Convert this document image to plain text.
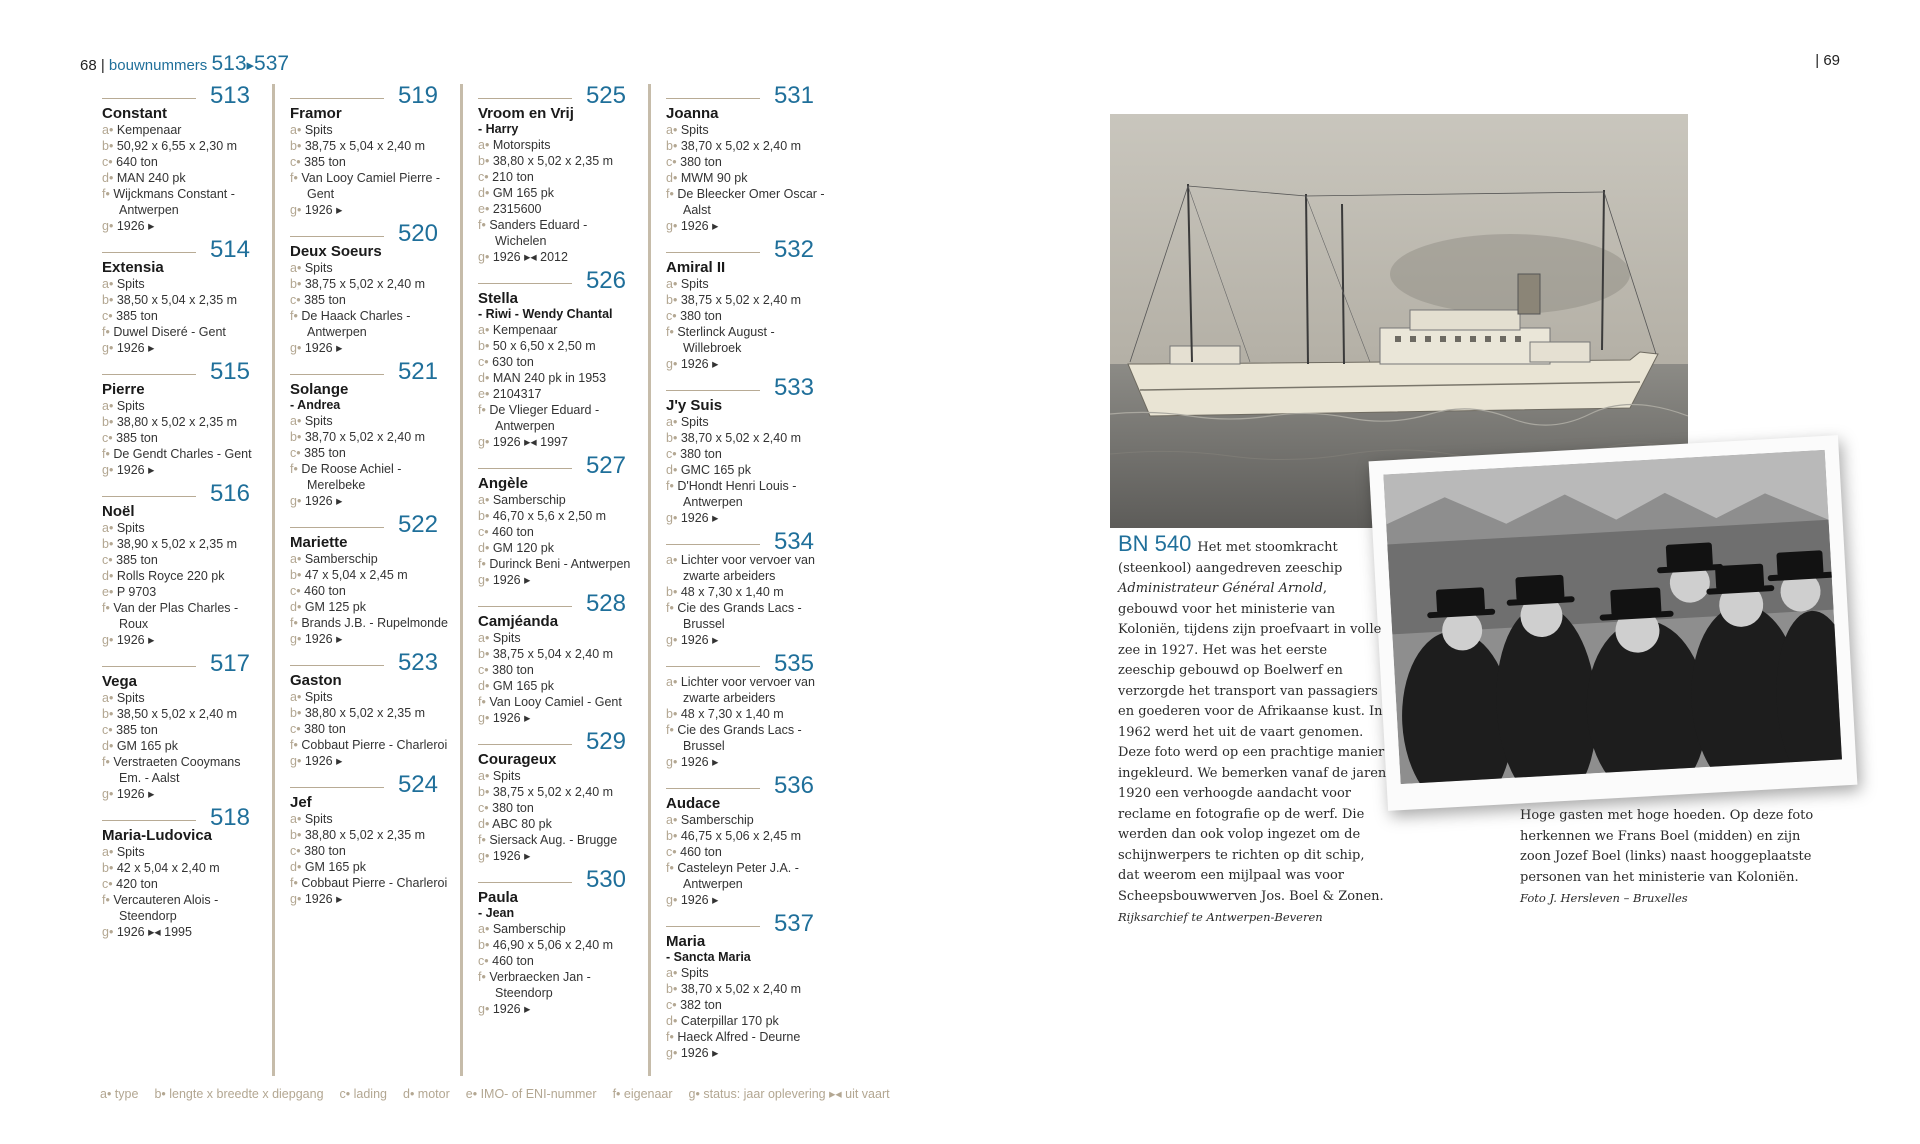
68 | bouwnummers 513▸537	| 69
513
Constant
a• Kempenaar
b• 50,92 x 6,55 x 2,30 m
c• 640 ton
d• MAN 240 pk
f• Wijckmans Constant -
Antwerpen
g• 1926 ▸
514
Extensia
a• Spits
b• 38,50 x 5,04 x 2,35 m
c• 385 ton
f• Duwel Diseré - Gent
g• 1926 ▸
515
Pierre
a• Spits
b• 38,80 x 5,02 x 2,35 m
c• 385 ton
f• De Gendt Charles - Gent
g• 1926 ▸
516
Noël
a• Spits
b• 38,90 x 5,02 x 2,35 m
c• 385 ton
d• Rolls Royce 220 pk
e• P 9703
f• Van der Plas Charles -
Roux
g• 1926 ▸
517
Vega
a• Spits
b• 38,50 x 5,02 x 2,40 m
c• 385 ton
d• GM 165 pk
f• Verstraeten Cooymans
Em. - Aalst
g• 1926 ▸
518
Maria-Ludovica
a• Spits
b• 42 x 5,04 x 2,40 m
c• 420 ton
f• Vercauteren Alois -
Steendorp
g• 1926 ▸◂ 1995
519
Framor
a• Spits
b• 38,75 x 5,04 x 2,40 m
c• 385 ton
f• Van Looy Camiel Pierre -
Gent
g• 1926 ▸
520
Deux Soeurs
a• Spits
b• 38,75 x 5,02 x 2,40 m
c• 385 ton
f• De Haack Charles -
Antwerpen
g• 1926 ▸
521
Solange
- Andrea
a• Spits
b• 38,70 x 5,02 x 2,40 m
c• 385 ton
f• De Roose Achiel -
Merelbeke
g• 1926 ▸
522
Mariette
a• Samberschip
b• 47 x 5,04 x 2,45 m
c• 460 ton
d• GM 125 pk
f• Brands J.B. - Rupelmonde
g• 1926 ▸
523
Gaston
a• Spits
b• 38,80 x 5,02 x 2,35 m
c• 380 ton
f• Cobbaut Pierre - Charleroi
g• 1926 ▸
524
Jef
a• Spits
b• 38,80 x 5,02 x 2,35 m
c• 380 ton
d• GM 165 pk
f• Cobbaut Pierre - Charleroi
g• 1926 ▸
525
Vroom en Vrij
- Harry
a• Motorspits
b• 38,80 x 5,02 x 2,35 m
c• 210 ton
d• GM 165 pk
e• 2315600
f• Sanders Eduard -
Wichelen
g• 1926 ▸◂ 2012
526
Stella
- Riwi - Wendy Chantal
a• Kempenaar
b• 50 x 6,50 x 2,50 m
c• 630 ton
d• MAN 240 pk in 1953
e• 2104317
f• De Vlieger Eduard -
Antwerpen
g• 1926 ▸◂ 1997
527
Angèle
a• Samberschip
b• 46,70 x 5,6 x 2,50 m
c• 460 ton
d• GM 120 pk
f• Durinck Beni - Antwerpen
g• 1926 ▸
528
Camjéanda
a• Spits
b• 38,75 x 5,04 x 2,40 m
c• 380 ton
d• GM 165 pk
f• Van Looy Camiel - Gent
g• 1926 ▸
529
Courageux
a• Spits
b• 38,75 x 5,02 x 2,40 m
c• 380 ton
d• ABC 80 pk
f• Siersack Aug. - Brugge
g• 1926 ▸
530
Paula
- Jean
a• Samberschip
b• 46,90 x 5,06 x 2,40 m
c• 460 ton
f• Verbraecken Jan -
Steendorp
g• 1926 ▸
531
Joanna
a• Spits
b• 38,70 x 5,02 x 2,40 m
c• 380 ton
d• MWM 90 pk
f• De Bleecker Omer Oscar -
Aalst
g• 1926 ▸
532
Amiral II
a• Spits
b• 38,75 x 5,02 x 2,40 m
c• 380 ton
f• Sterlinck August -
Willebroek
g• 1926 ▸
533
J'y Suis
a• Spits
b• 38,70 x 5,02 x 2,40 m
c• 380 ton
d• GMC 165 pk
f• D'Hondt Henri Louis -
Antwerpen
g• 1926 ▸
534
a• Lichter voor vervoer van
zwarte arbeiders
b• 48 x 7,30 x 1,40 m
f• Cie des Grands Lacs -
Brussel
g• 1926 ▸
535
a• Lichter voor vervoer van
zwarte arbeiders
b• 48 x 7,30 x 1,40 m
f• Cie des Grands Lacs -
Brussel
g• 1926 ▸
536
Audace
a• Samberschip
b• 46,75 x 5,06 x 2,45 m
c• 460 ton
f• Casteleyn Peter J.A. -
Antwerpen
g• 1926 ▸
537
Maria
- Sancta Maria
a• Spits
b• 38,70 x 5,02 x 2,40 m
c• 382 ton
d• Caterpillar 170 pk
f• Haeck Alfred - Deurne
g• 1926 ▸
a• type b• lengte x breedte x diepgang c• lading d• motor e• IMO- of ENI-nummer f• eigenaar g• status: jaar oplevering ▸◂ uit vaart
BN 540 Het met stoomkracht (steenkool) aangedreven zeeschip Administrateur Général Arnold, gebouwd voor het ministerie van Koloniën, tijdens zijn proefvaart in volle zee in 1927. Het was het eerste zeeschip gebouwd op Boelwerf en verzorgde het transport van passagiers en goederen voor de Afrikaanse kust. In 1962 werd het uit de vaart genomen. Deze foto werd op een prachtige manier ingekleurd. We bemerken vanaf de jaren 1920 een verhoogde aandacht voor reclame en fotografie op de werf. Die werden dan ook volop ingezet om de schijnwerpers te richten op dit schip, dat weerom een mijlpaal was voor Scheepsbouwwerven Jos. Boel & Zonen.
Rijksarchief te Antwerpen-Beveren
Hoge gasten met hoge hoeden. Op deze foto herkennen we Frans Boel (midden) en zijn zoon Jozef Boel (links) naast hooggeplaatste personen van het ministerie van Koloniën.
Foto J. Hersleven – Bruxelles
